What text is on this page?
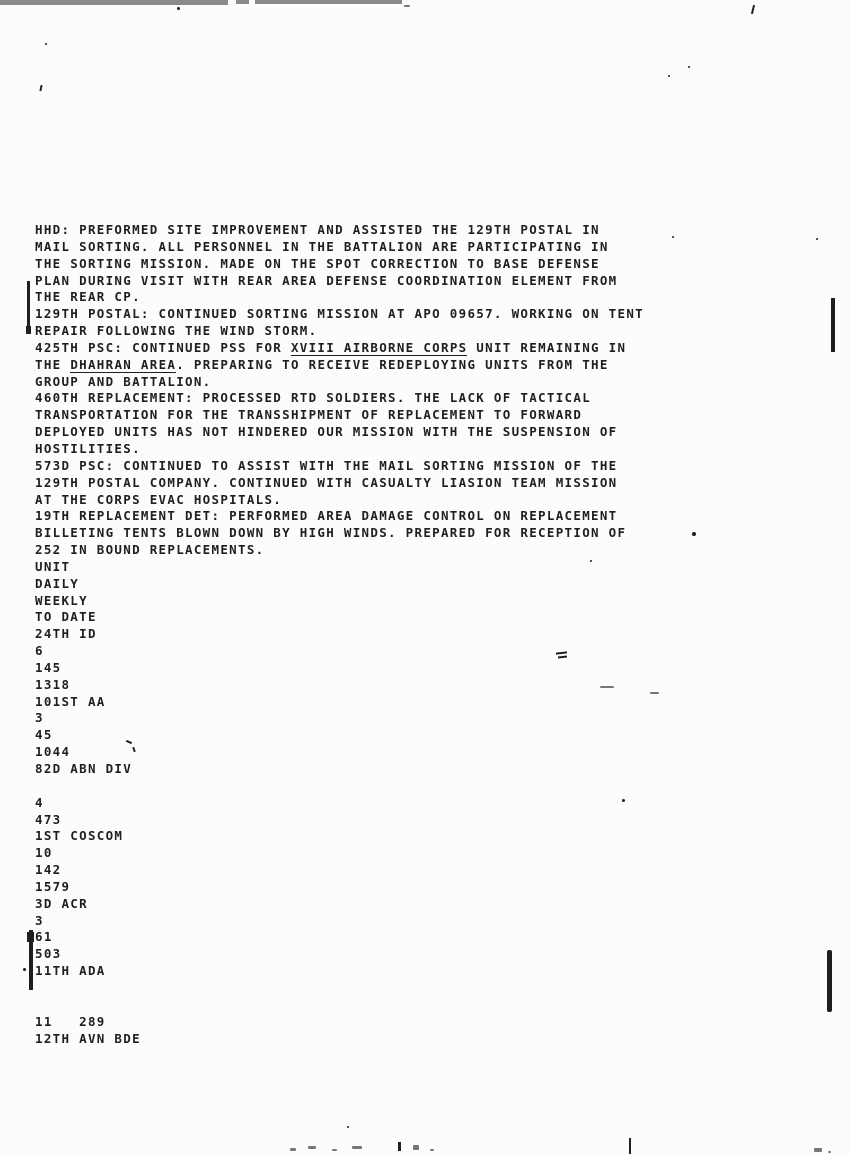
HHD: PREFORMED SITE IMPROVEMENT AND ASSISTED THE 129TH POSTAL IN
MAIL SORTING. ALL PERSONNEL IN THE BATTALION ARE PARTICIPATING IN
THE SORTING MISSION. MADE ON THE SPOT CORRECTION TO BASE DEFENSE
PLAN DURING VISIT WITH REAR AREA DEFENSE COORDINATION ELEMENT FROM
THE REAR CP.
129TH POSTAL: CONTINUED SORTING MISSION AT APO 09657. WORKING ON TENT
REPAIR FOLLOWING THE WIND STORM.
425TH PSC: CONTINUED PSS FOR XVIII AIRBORNE CORPS UNIT REMAINING IN
THE DHAHRAN AREA. PREPARING TO RECEIVE REDEPLOYING UNITS FROM THE
GROUP AND BATTALION.
460TH REPLACEMENT: PROCESSED RTD SOLDIERS. THE LACK OF TACTICAL
TRANSPORTATION FOR THE TRANSSHIPMENT OF REPLACEMENT TO FORWARD
DEPLOYED UNITS HAS NOT HINDERED OUR MISSION WITH THE SUSPENSION OF
HOSTILITIES.
573D PSC: CONTINUED TO ASSIST WITH THE MAIL SORTING MISSION OF THE
129TH POSTAL COMPANY. CONTINUED WITH CASUALTY LIASION TEAM MISSION
AT THE CORPS EVAC HOSPITALS.
19TH REPLACEMENT DET: PERFORMED AREA DAMAGE CONTROL ON REPLACEMENT
BILLETING TENTS BLOWN DOWN BY HIGH WINDS. PREPARED FOR RECEPTION OF
252 IN BOUND REPLACEMENTS.
UNIT
DAILY
WEEKLY
TO DATE
24TH ID
6
145
1318
101ST AA
3
45
1044
82D ABN DIV

4
473
1ST COSCOM
10
142
1579
3D ACR
3
61
503
11TH ADA

11   289
12TH AVN BDE
